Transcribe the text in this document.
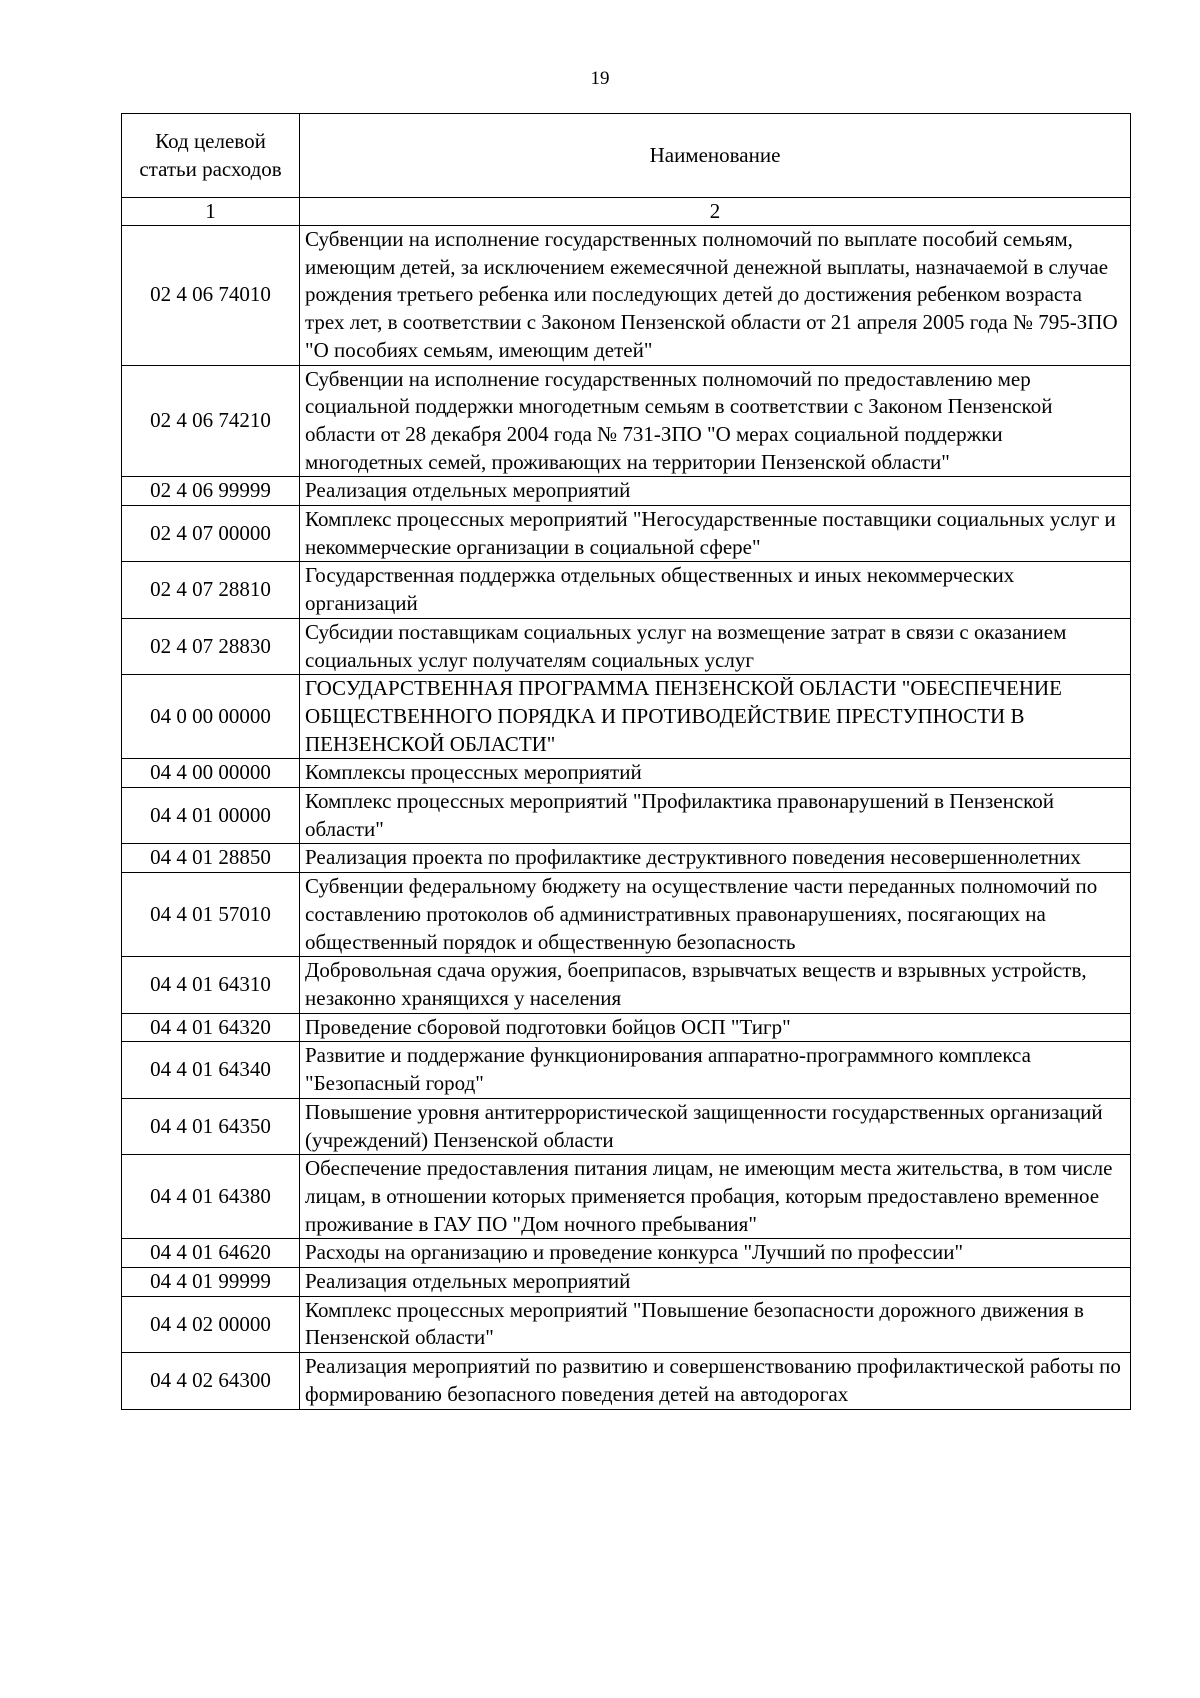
19
Код целевой статьи расходов	Наименование
1	2
02 4 06 74010	Субвенции на исполнение государственных полномочий по выплате пособий семьям, имеющим детей, за исключением ежемесячной денежной выплаты, назначаемой в случае рождения третьего ребенка или последующих детей до достижения ребенком возраста трех лет, в соответствии с Законом Пензенской области от 21 апреля 2005 года № 795-ЗПО "О пособиях семьям, имеющим детей"
02 4 06 74210	Субвенции на исполнение государственных полномочий по предоставлению мер социальной поддержки многодетным семьям в соответствии с Законом Пензенской области от 28 декабря 2004 года № 731-ЗПО "О мерах социальной поддержки многодетных семей, проживающих на территории Пензенской области"
02 4 06 99999	Реализация отдельных мероприятий
02 4 07 00000	Комплекс процессных мероприятий "Негосударственные поставщики социальных услуг и некоммерческие организации в социальной сфере"
02 4 07 28810	Государственная поддержка отдельных общественных и иных некоммерческих организаций
02 4 07 28830	Субсидии поставщикам социальных услуг на возмещение затрат в связи с оказанием социальных услуг получателям социальных услуг
04 0 00 00000	ГОСУДАРСТВЕННАЯ ПРОГРАММА ПЕНЗЕНСКОЙ ОБЛАСТИ "ОБЕСПЕЧЕНИЕ ОБЩЕСТВЕННОГО ПОРЯДКА И ПРОТИВОДЕЙСТВИЕ ПРЕСТУПНОСТИ В ПЕНЗЕНСКОЙ ОБЛАСТИ"
04 4 00 00000	Комплексы процессных мероприятий
04 4 01 00000	Комплекс процессных мероприятий "Профилактика правонарушений в Пензенской области"
04 4 01 28850	Реализация проекта по профилактике деструктивного поведения несовершеннолетних
04 4 01 57010	Субвенции федеральному бюджету на осуществление части переданных полномочий по составлению протоколов об административных правонарушениях, посягающих на общественный порядок и общественную безопасность
04 4 01 64310	Добровольная сдача оружия, боеприпасов, взрывчатых веществ и взрывных устройств, незаконно хранящихся у населения
04 4 01 64320	Проведение сборовой подготовки бойцов ОСП "Тигр"
04 4 01 64340	Развитие и поддержание функционирования аппаратно-программного комплекса "Безопасный город"
04 4 01 64350	Повышение уровня антитеррористической защищенности государственных организаций (учреждений) Пензенской области
04 4 01 64380	Обеспечение предоставления питания лицам, не имеющим места жительства, в том числе лицам, в отношении которых применяется пробация, которым предоставлено временное проживание в ГАУ ПО "Дом ночного пребывания"
04 4 01 64620	Расходы на организацию и проведение конкурса "Лучший по профессии"
04 4 01 99999	Реализация отдельных мероприятий
04 4 02 00000	Комплекс процессных мероприятий "Повышение безопасности дорожного движения в Пензенской области"
04 4 02 64300	Реализация мероприятий по развитию и совершенствованию профилактической работы по формированию безопасного поведения детей на автодорогах
